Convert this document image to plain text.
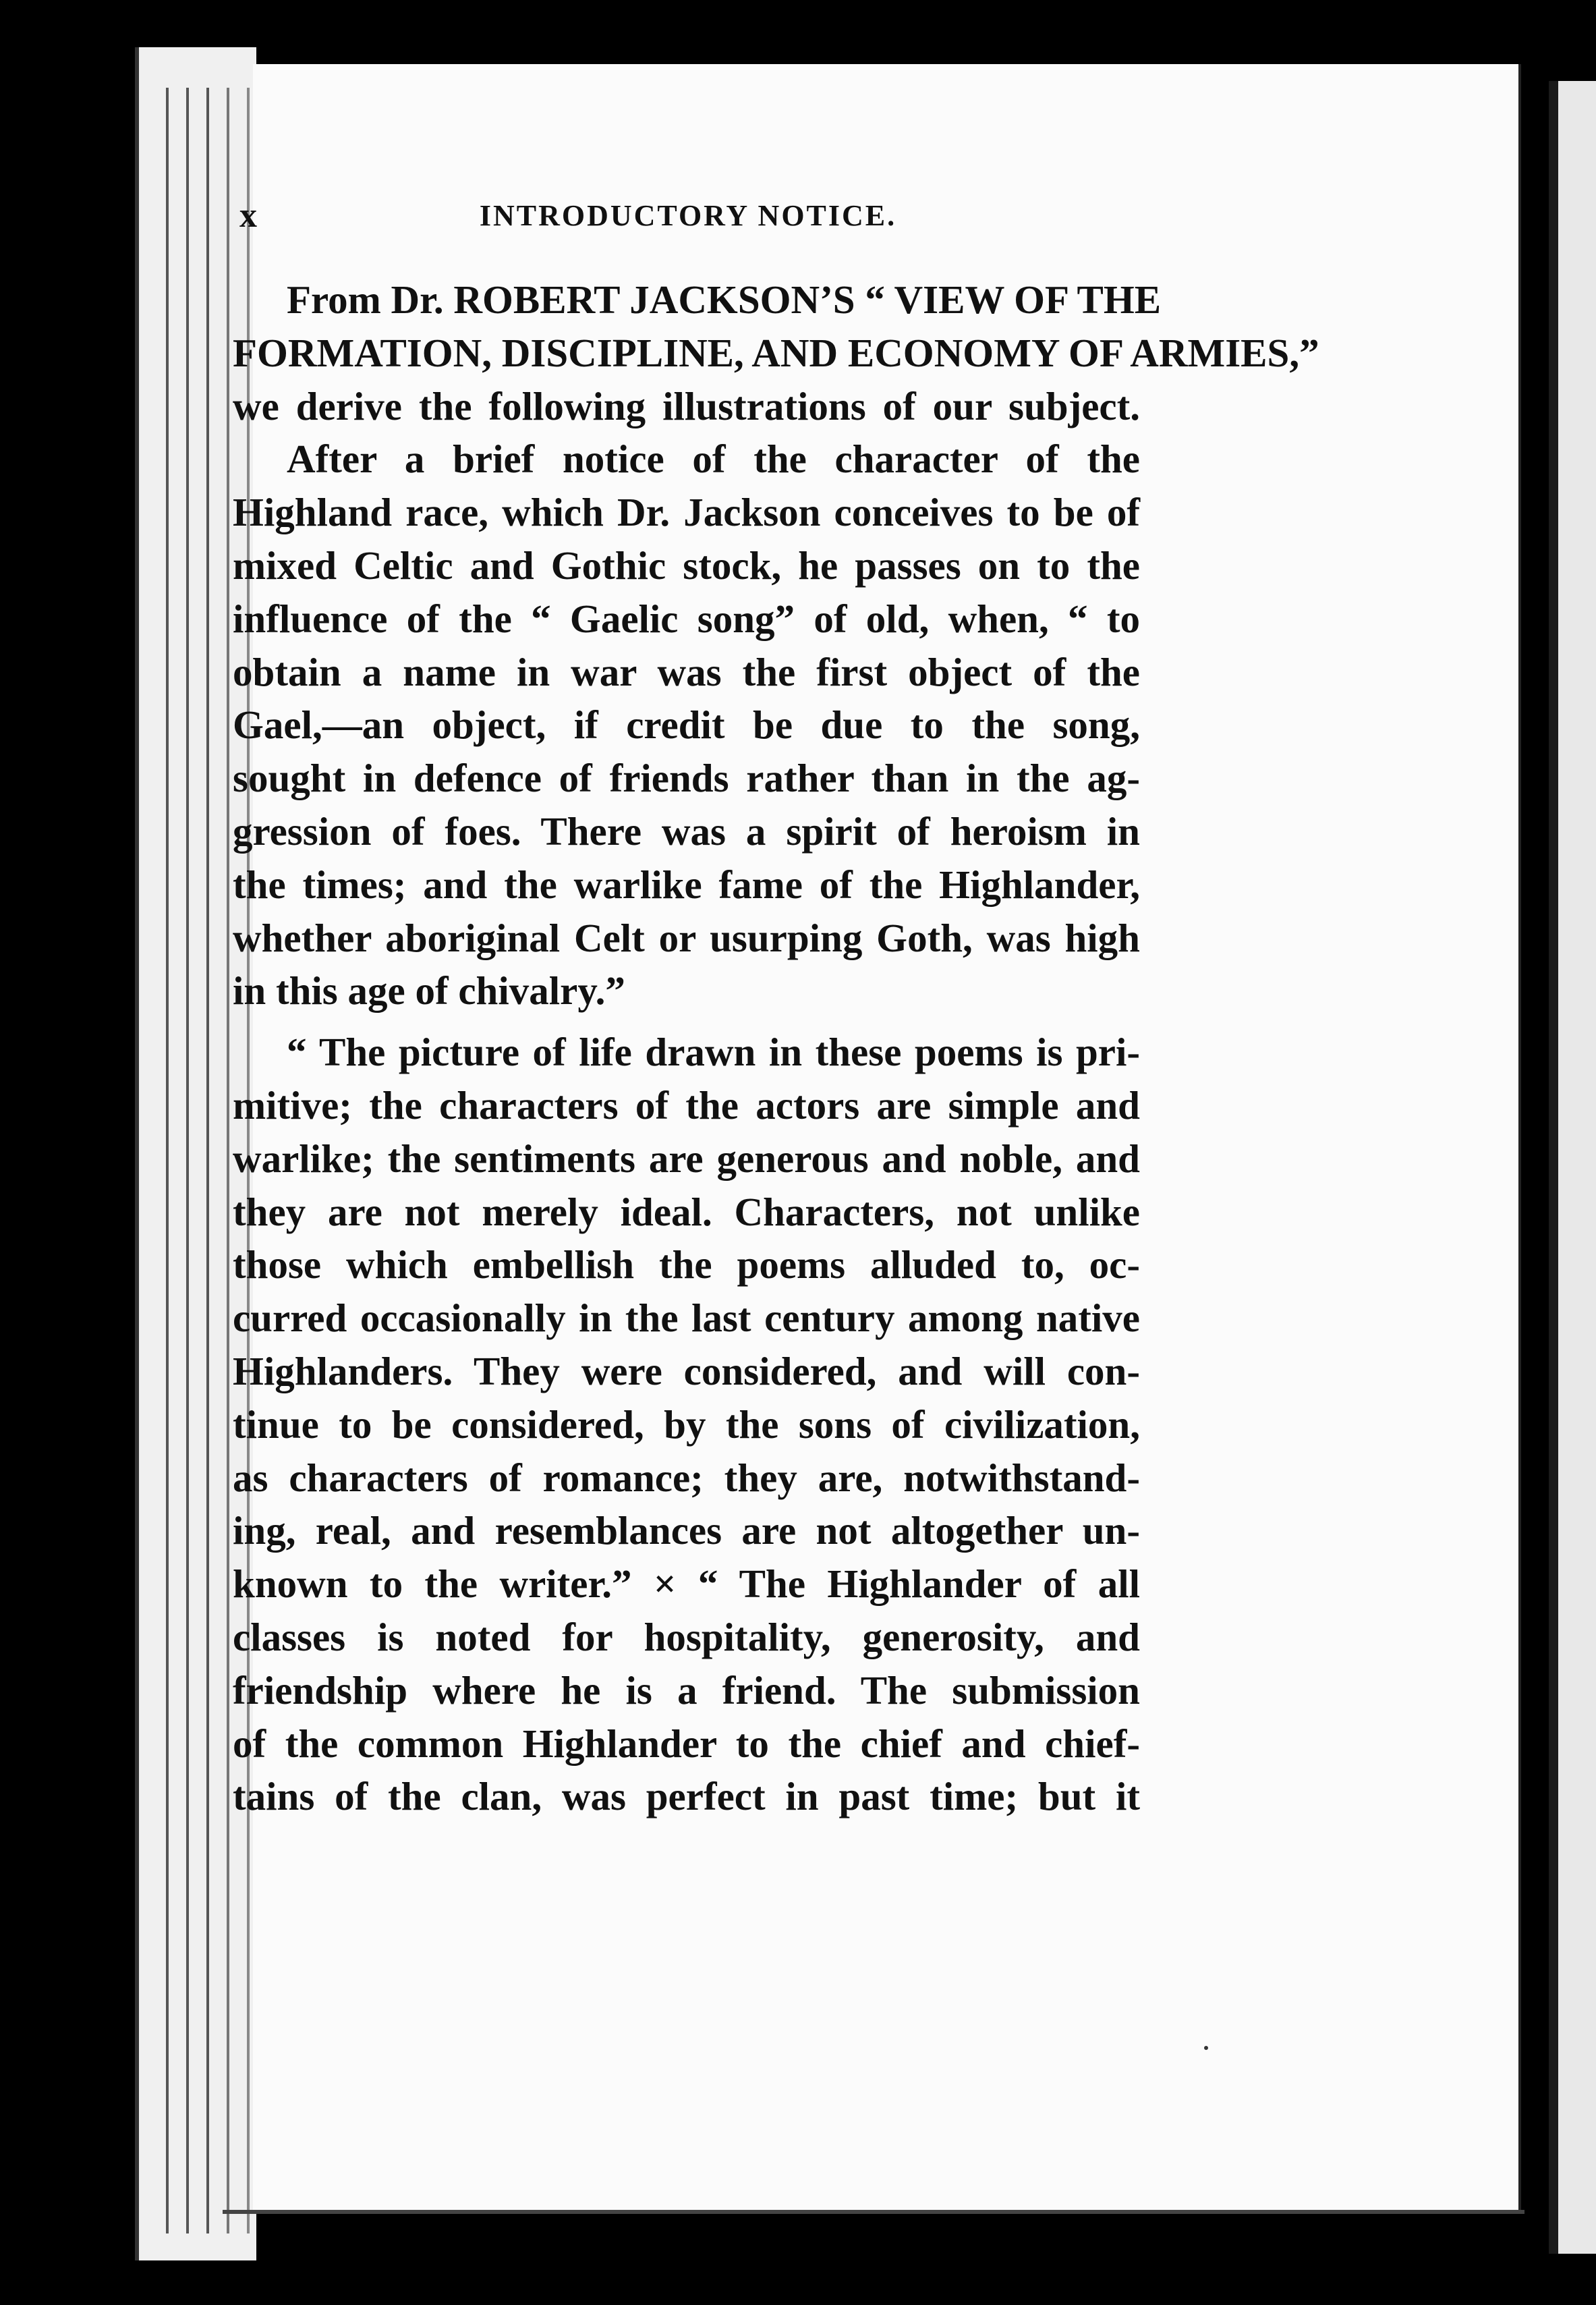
x	INTRODUCTORY NOTICE.
From Dr. ROBERT JACKSON’S “ VIEW OF THE
FORMATION, DISCIPLINE, AND ECONOMY OF ARMIES,”
we derive the following illustrations of our subject.
After a brief notice of the character of the
Highland race, which Dr. Jackson conceives to be of
mixed Celtic and Gothic stock, he passes on to the
influence of the “ Gaelic song” of old, when, “ to
obtain a name in war was the first object of the
Gael,—an object, if credit be due to the song,
sought in defence of friends rather than in the ag-
gression of foes. There was a spirit of heroism in
the times; and the warlike fame of the Highlander,
whether aboriginal Celt or usurping Goth, was high
in this age of chivalry.”
“ The picture of life drawn in these poems is pri-
mitive; the characters of the actors are simple and
warlike; the sentiments are generous and noble, and
they are not merely ideal. Characters, not unlike
those which embellish the poems alluded to, oc-
curred occasionally in the last century among native
Highlanders. They were considered, and will con-
tinue to be considered, by the sons of civilization,
as characters of romance; they are, notwithstand-
ing, real, and resemblances are not altogether un-
known to the writer.” × “ The Highlander of all
classes is noted for hospitality, generosity, and
friendship where he is a friend. The submission
of the common Highlander to the chief and chief-
tains of the clan, was perfect in past time; but it
